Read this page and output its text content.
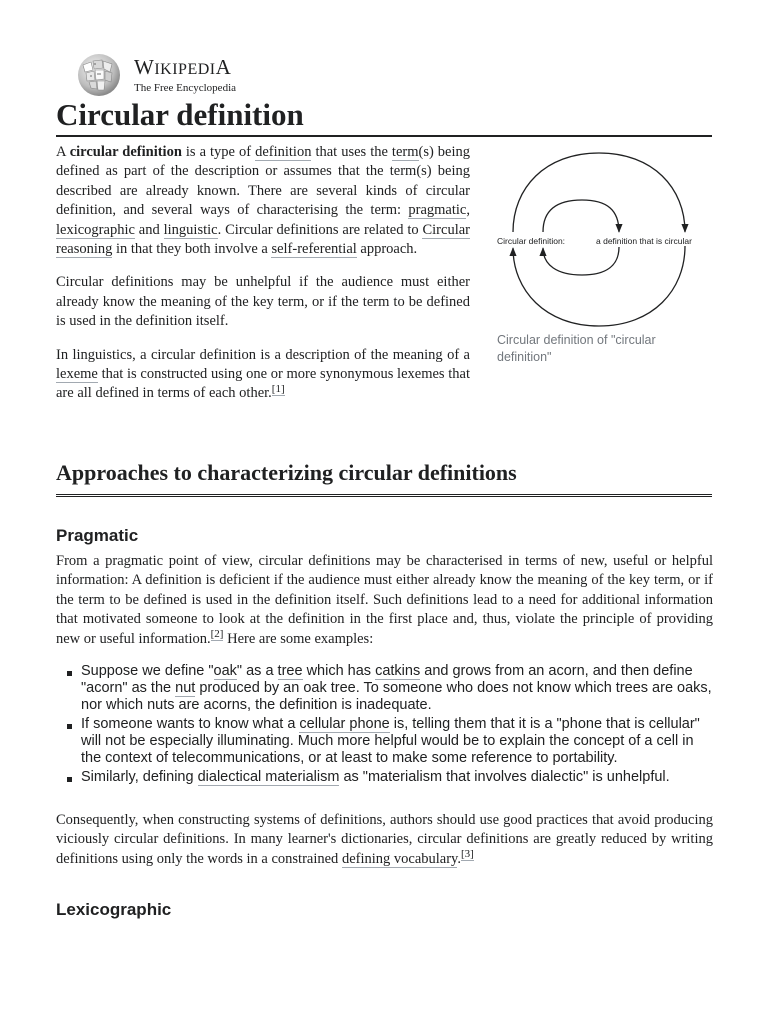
WIKIPEDIA
The Free Encyclopedia
Circular definition

A circular definition is a type of definition that uses the term(s) being defined as part of the description or assumes that the term(s) being described are already known. There are several kinds of circular definition, and several ways of characterising the term: pragmatic, lexicographic and linguistic. Circular definitions are related to Circular reasoning in that they both involve a self-referential approach.

Circular definitions may be unhelpful if the audience must either already know the meaning of the key term, or if the term to be defined is used in the definition itself.

In linguistics, a circular definition is a description of the meaning of a lexeme that is constructed using one or more synonymous lexemes that are all defined in terms of each other.[1]

Circular definition:	a definition that is circular
Circular definition of "circular definition"
Approaches to characterizing circular definitions
Pragmatic

From a pragmatic point of view, circular definitions may be characterised in terms of new, useful or helpful information: A definition is deficient if the audience must either already know the meaning of the key term, or if the term to be defined is used in the definition itself. Such definitions lead to a need for additional information that motivated someone to look at the definition in the first place and, thus, violate the principle of providing new or useful information.[2] Here are some examples:

Suppose we define "oak" as a tree which has catkins and grows from an acorn, and then define "acorn" as the nut produced by an oak tree. To someone who does not know which trees are oaks, nor which nuts are acorns, the definition is inadequate.
If someone wants to know what a cellular phone is, telling them that it is a "phone that is cellular" will not be especially illuminating. Much more helpful would be to explain the concept of a cell in the context of telecommunications, or at least to make some reference to portability.
Similarly, defining dialectical materialism as "materialism that involves dialectic" is unhelpful.

Consequently, when constructing systems of definitions, authors should use good practices that avoid producing viciously circular definitions. In many learner's dictionaries, circular definitions are greatly reduced by writing definitions using only the words in a constrained defining vocabulary.[3]

Lexicographic
